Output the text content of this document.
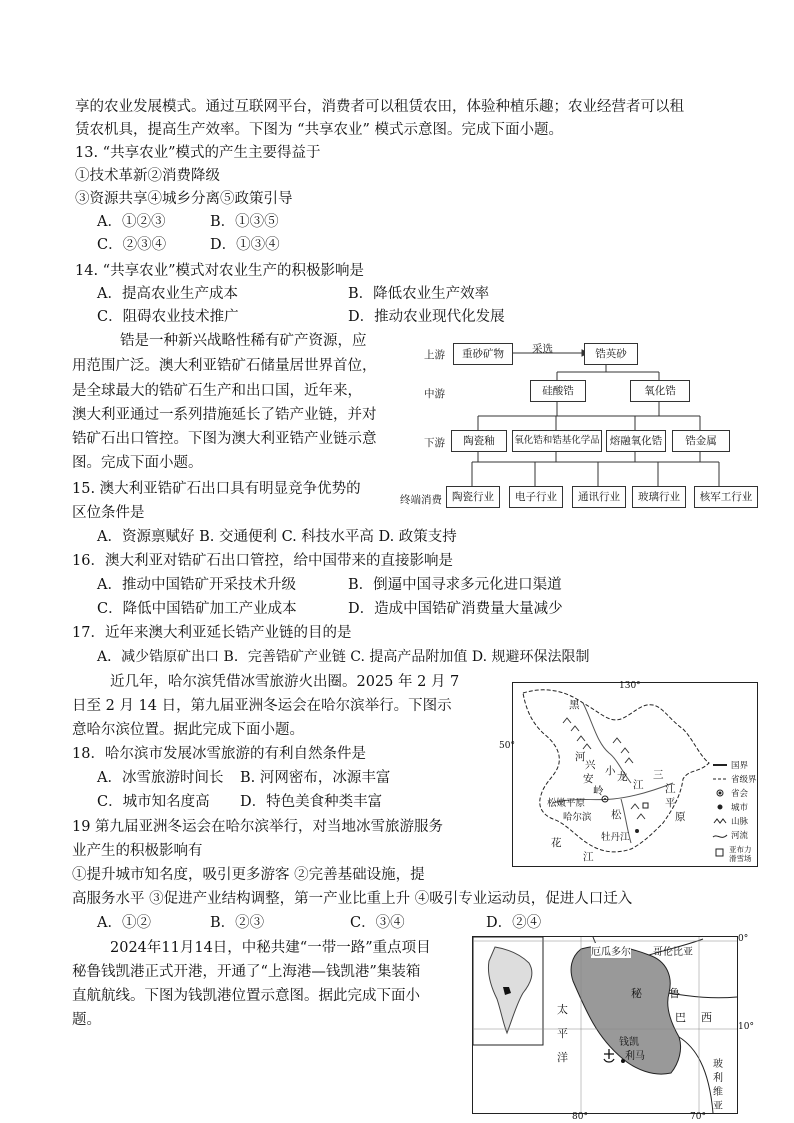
享的农业发展模式。通过互联网平台，消费者可以租赁农田，体验种植乐趣；农业经营者可以租
赁农机具，提高生产效率。下图为 “共享农业” 模式示意图。完成下面小题。
13. “共享农业”模式的产生主要得益于
①技术革新②消费降级
③资源共享④城乡分离⑤政策引导
A．①②③	B．①③⑤
C．②③④	D．①③④
14. “共享农业”模式对农业生产的积极影响是
A．提高农业生产成本	B．降低农业生产效率
C．阻碍农业技术推广	D．推动农业现代化发展
锆是一种新兴战略性稀有矿产资源，应
用范围广泛。澳大利亚锆矿石储量居世界首位，
是全球最大的锆矿石生产和出口国，近年来，
澳大利亚通过一系列措施延长了锆产业链，并对
锆矿石出口管控。下图为澳大利亚锆产业链示意
图。完成下面小题。
上游
中游
下游
终端消费
重砂矿物	采选	锆英砂
硅酸锆	氧化锆
陶瓷釉	氧化锆和锆基化学品 熔融氧化锆	锆金属
陶瓷行业	电子行业	通讯行业	玻璃行业	核军工行业
15. 澳大利亚锆矿石出口具有明显竞争优势的
区位条件是
A．资源禀赋好 B. 交通便利 C. 科技水平高 D. 政策支持
16．澳大利亚对锆矿石出口管控，给中国带来的直接影响是
A．推动中国锆矿开采技术升级	B．倒逼中国寻求多元化进口渠道
C．降低中国锆矿加工产业成本	D．造成中国锆矿消费量大量减少
17．近年来澳大利亚延长锆产业链的目的是
A．减少锆原矿出口 B．完善锆矿产业链 C. 提高产品附加值 D. 规避环保法限制
近几年，哈尔滨凭借冰雪旅游火出圈。2025 年 2 月 7
日至 2 月 14 日，第九届亚洲冬运会在哈尔滨举行。下图示
意哈尔滨位置。据此完成下面小题。
130°
50°
黑
兴
安
岭
小 龙
江
河
松嫩平原
哈尔滨 松
花
江
牡丹江
三
江
平
原
国界
省级界
省会
城市
山脉
河流
亚布力滑雪场
18．哈尔滨市发展冰雪旅游的有利自然条件是
A．冰雪旅游时间长 B. 河网密布，冰源丰富
C．城市知名度高 D．特色美食种类丰富
19 第九届亚洲冬运会在哈尔滨举行，对当地冰雪旅游服务
业产生的积极影响有
①提升城市知名度，吸引更多游客 ②完善基础设施，提
高服务水平 ③促进产业结构调整，第一产业比重上升 ④吸引专业运动员，促进人口迁入
A．①②	B．②③	C．③④	D．②④
2024年11月14日，中秘共建“一带一路”重点项目
秘鲁钱凯港正式开港，开通了“上海港—钱凯港”集装箱
直航航线。下图为钱凯港位置示意图。据此完成下面小
题。
厄瓜多尔 哥伦比亚
秘 鲁
巴 西
太
平
洋
钱凯
利马
玻
利
维
亚
0°
10°
80°	70°
